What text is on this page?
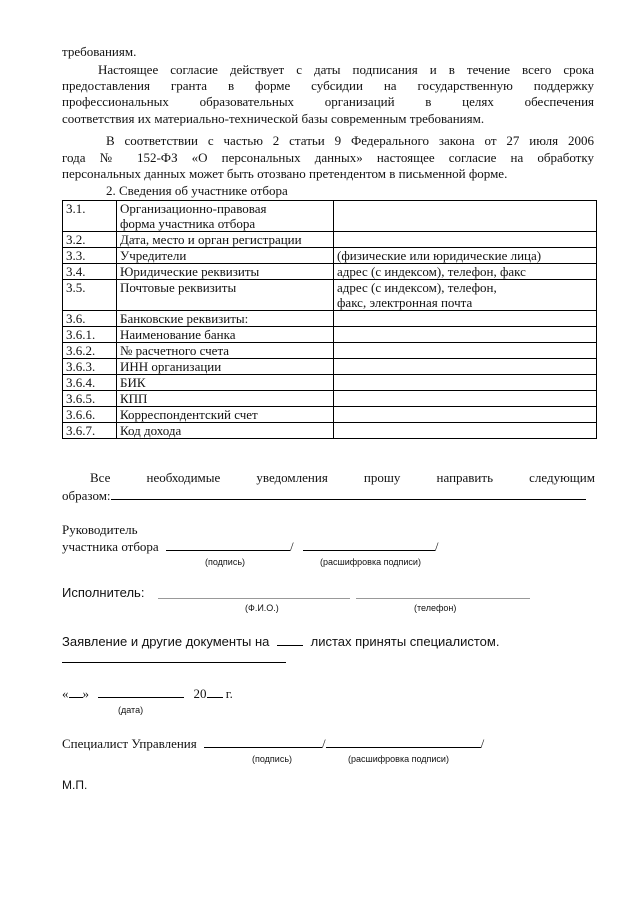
требованиям.
Настоящее согласие действует с даты подписания и в течение всего срока
предоставления гранта в форме субсидии на государственную поддержку
профессиональных образовательных организаций в целях обеспечения
соответствия их материально-технической базы современным требованиям.
В соответствии с частью 2 статьи 9 Федерального закона от 27 июля 2006
года № 152-ФЗ «О персональных данных» настоящее согласие на обработку
персональных данных может быть отозвано претендентом в письменной форме.
2. Сведения об участнике отбора
3.1.	Организационно-правовая
форма участника отбора	

3.2.	Дата, место и орган регистрации	

3.3.	Учредители	(физические или юридические лица)

3.4.	Юридические реквизиты	адрес (с индексом), телефон, факс

3.5.	Почтовые реквизиты	адрес (с индексом), телефон,
факс, электронная почта

3.6.	Банковские реквизиты:	

3.6.1.	Наименование банка	

3.6.2.	№ расчетного счета	

3.6.3.	ИНН организации	

3.6.4.	БИК	

3.6.5.	КПП	

3.6.6.	Корреспондентский счет	

3.6.7.	Код дохода	

Все необходимые уведомления прошу направить следующим
образом:
Руководитель
участника отбора	/	/
(подпись)	(расшифровка подписи)
Исполнитель:
(Ф.И.О.)	(телефон)
Заявление и другие документы на	листах приняты специалистом.
« »	20 г.
(дата)
Специалист Управления	/	/
(подпись)	(расшифровка подписи)
М.П.
